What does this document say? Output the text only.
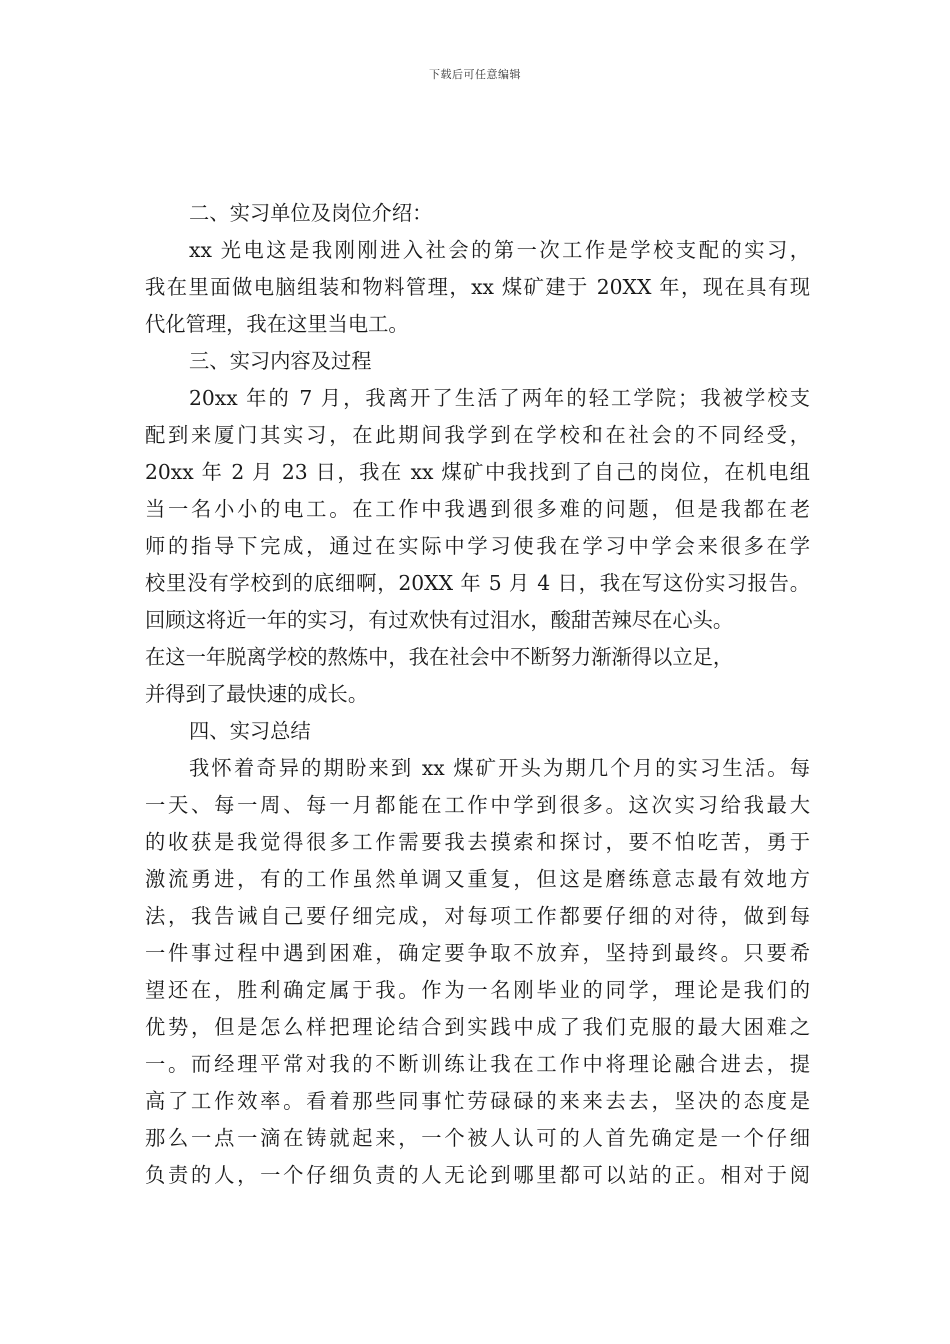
下载后可任意编辑
二、实习单位及岗位介绍：
xx 光电这是我刚刚进入社会的第一次工作是学校支配的实习，
我在里面做电脑组装和物料管理，xx 煤矿建于 20XX 年，现在具有现
代化管理，我在这里当电工。
三、实习内容及过程
20xx 年的 7 月，我离开了生活了两年的轻工学院；我被学校支
配到来厦门其实习，在此期间我学到在学校和在社会的不同经受，
20xx 年 2 月 23 日，我在 xx 煤矿中我找到了自己的岗位，在机电组
当一名小小的电工。在工作中我遇到很多难的问题，但是我都在老
师的指导下完成，通过在实际中学习使我在学习中学会来很多在学
校里没有学校到的底细啊，20XX 年 5 月 4 日，我在写这份实习报告。
回顾这将近一年的实习，有过欢快有过泪水，酸甜苦辣尽在心头。
在这一年脱离学校的熬炼中，我在社会中不断努力渐渐得以立足，
并得到了最快速的成长。
四、实习总结
我怀着奇异的期盼来到 xx 煤矿开头为期几个月的实习生活。每
一天、每一周、每一月都能在工作中学到很多。这次实习给我最大
的收获是我觉得很多工作需要我去摸索和探讨，要不怕吃苦，勇于
激流勇进，有的工作虽然单调又重复，但这是磨练意志最有效地方
法，我告诫自己要仔细完成，对每项工作都要仔细的对待，做到每
一件事过程中遇到困难，确定要争取不放弃，坚持到最终。只要希
望还在，胜利确定属于我。作为一名刚毕业的同学，理论是我们的
优势，但是怎么样把理论结合到实践中成了我们克服的最大困难之
一。而经理平常对我的不断训练让我在工作中将理论融合进去，提
高了工作效率。看着那些同事忙劳碌碌的来来去去，坚决的态度是
那么一点一滴在铸就起来，一个被人认可的人首先确定是一个仔细
负责的人，一个仔细负责的人无论到哪里都可以站的正。相对于阅
